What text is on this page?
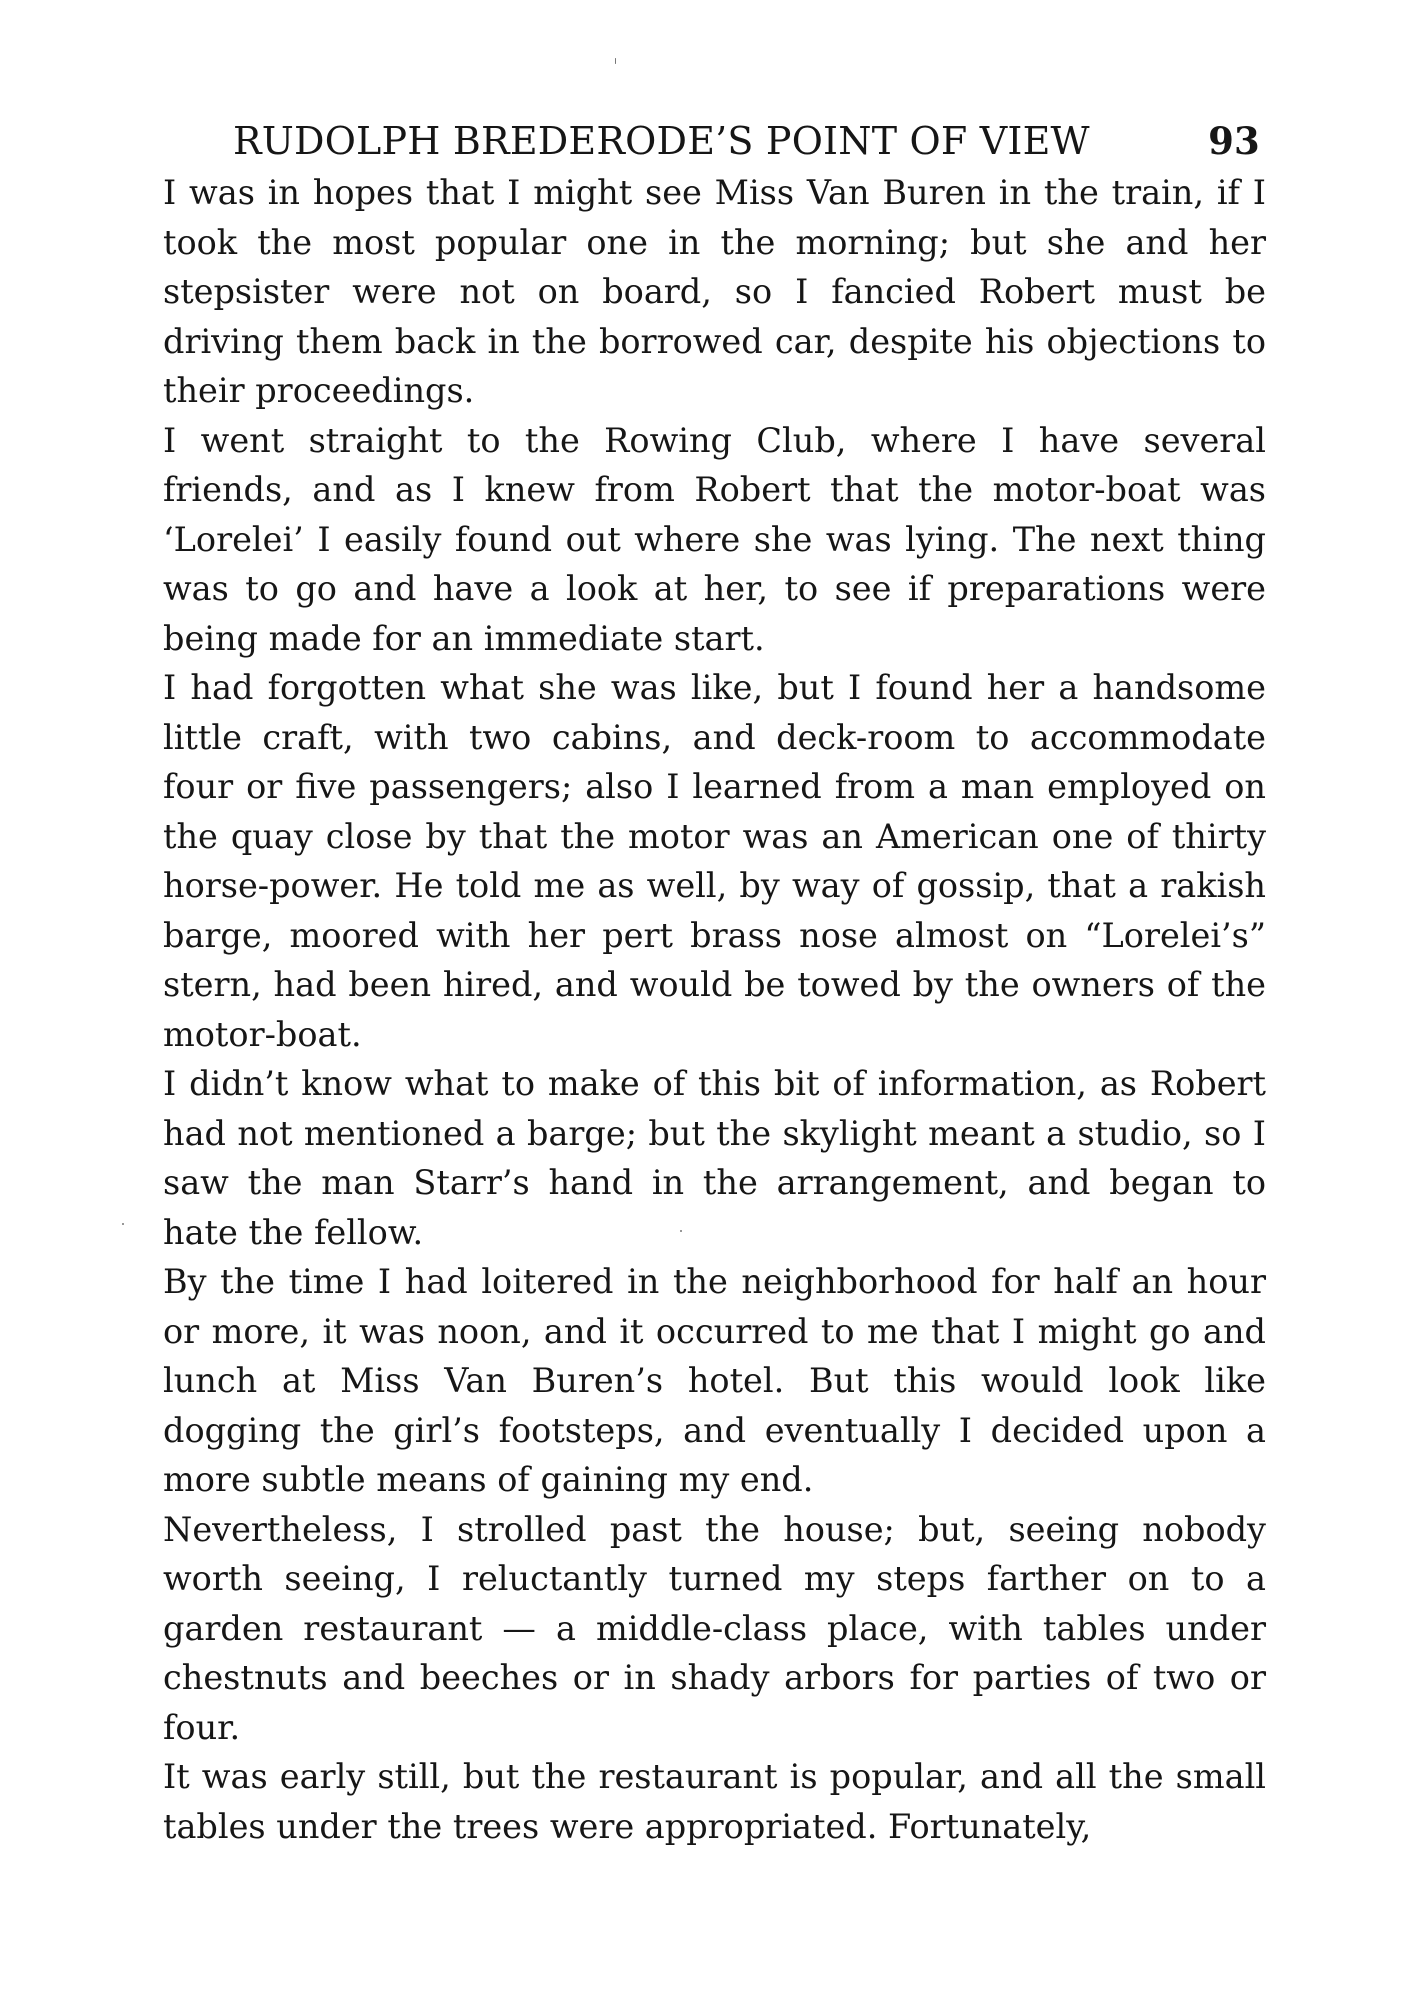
RUDOLPH BREDERODE’S POINT OF VIEW	93

I was in hopes that I might see Miss Van Buren in the train, if I took the most popular one in the morning; but she and her stepsister were not on board, so I fancied Robert must be driving them back in the borrowed car, despite his objections to their proceedings.

I went straight to the Rowing Club, where I have several friends, and as I knew from Robert that the motor-boat was ‘Lorelei’ I easily found out where she was lying. The next thing was to go and have a look at her, to see if preparations were being made for an immediate start.

I had forgotten what she was like, but I found her a handsome little craft, with two cabins, and deck-room to accommodate four or five passengers; also I learned from a man employed on the quay close by that the motor was an American one of thirty horse-power. He told me as well, by way of gossip, that a rakish barge, moored with her pert brass nose almost on “Lorelei’s” stern, had been hired, and would be towed by the owners of the motor-boat.

I didn’t know what to make of this bit of information, as Robert had not mentioned a barge; but the skylight meant a studio, so I saw the man Starr’s hand in the arrangement, and began to hate the fellow.

By the time I had loitered in the neighborhood for half an hour or more, it was noon, and it occurred to me that I might go and lunch at Miss Van Buren’s hotel. But this would look like dogging the girl’s footsteps, and eventually I decided upon a more subtle means of gaining my end.

Nevertheless, I strolled past the house; but, seeing nobody worth seeing, I reluctantly turned my steps farther on to a garden restaurant — a middle-class place, with tables under chestnuts and beeches or in shady arbors for parties of two or four.

It was early still, but the restaurant is popular, and all the small tables under the trees were appropriated. Fortunately,
